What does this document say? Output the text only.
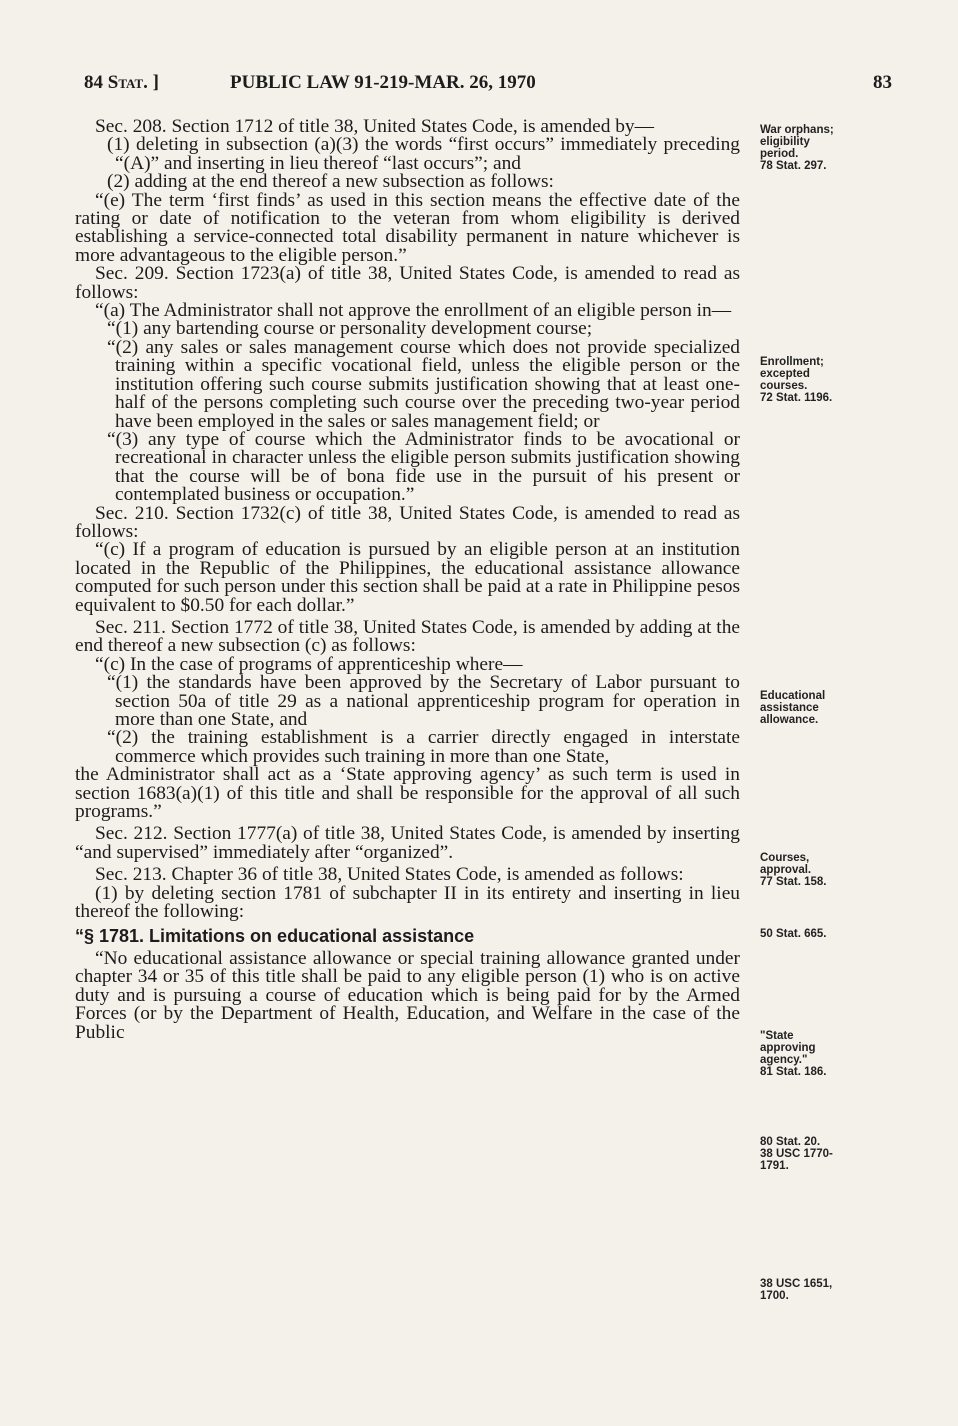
84 Stat. ]	PUBLIC LAW 91-219-MAR. 26, 1970	83

Sec. 208. Section 1712 of title 38, United States Code, is amended by—

(1) deleting in subsection (a)(3) the words “first occurs” immediately preceding “(A)” and inserting in lieu thereof “last occurs”; and

(2) adding at the end thereof a new subsection as follows:

“(e) The term ‘first finds’ as used in this section means the effective date of the rating or date of notification to the veteran from whom eligibility is derived establishing a service-connected total disability permanent in nature whichever is more advantageous to the eligible person.”

Sec. 209. Section 1723(a) of title 38, United States Code, is amended to read as follows:

“(a) The Administrator shall not approve the enrollment of an eligible person in—

“(1) any bartending course or personality development course;

“(2) any sales or sales management course which does not provide specialized training within a specific vocational field, unless the eligible person or the institution offering such course submits justification showing that at least one-half of the persons completing such course over the preceding two-year period have been employed in the sales or sales management field; or

“(3) any type of course which the Administrator finds to be avocational or recreational in character unless the eligible person submits justification showing that the course will be of bona fide use in the pursuit of his present or contemplated business or occupation.”

Sec. 210. Section 1732(c) of title 38, United States Code, is amended to read as follows:

“(c) If a program of education is pursued by an eligible person at an institution located in the Republic of the Philippines, the educational assistance allowance computed for such person under this section shall be paid at a rate in Philippine pesos equivalent to $0.50 for each dollar.”

Sec. 211. Section 1772 of title 38, United States Code, is amended by adding at the end thereof a new subsection (c) as follows:

“(c) In the case of programs of apprenticeship where—

“(1) the standards have been approved by the Secretary of Labor pursuant to section 50a of title 29 as a national apprenticeship program for operation in more than one State, and

“(2) the training establishment is a carrier directly engaged in interstate commerce which provides such training in more than one State,

the Administrator shall act as a ‘State approving agency’ as such term is used in section 1683(a)(1) of this title and shall be responsible for the approval of all such programs.”

Sec. 212. Section 1777(a) of title 38, United States Code, is amended by inserting “and supervised” immediately after “organized”.

Sec. 213. Chapter 36 of title 38, United States Code, is amended as follows:

(1) by deleting section 1781 of subchapter II in its entirety and inserting in lieu thereof the following:

“§ 1781. Limitations on educational assistance

“No educational assistance allowance or special training allowance granted under chapter 34 or 35 of this title shall be paid to any eligible person (1) who is on active duty and is pursuing a course of education which is being paid for by the Armed Forces (or by the Department of Health, Education, and Welfare in the case of the Public

War orphans;
eligibility
period.
78 Stat. 297.
Enrollment;
excepted
courses.
72 Stat. 1196.
Educational
assistance
allowance.
Courses,
approval.
77 Stat. 158.
50 Stat. 665.
"State
approving
agency."
81 Stat. 186.
80 Stat. 20.
38 USC 1770-
1791.
38 USC 1651,
1700.
